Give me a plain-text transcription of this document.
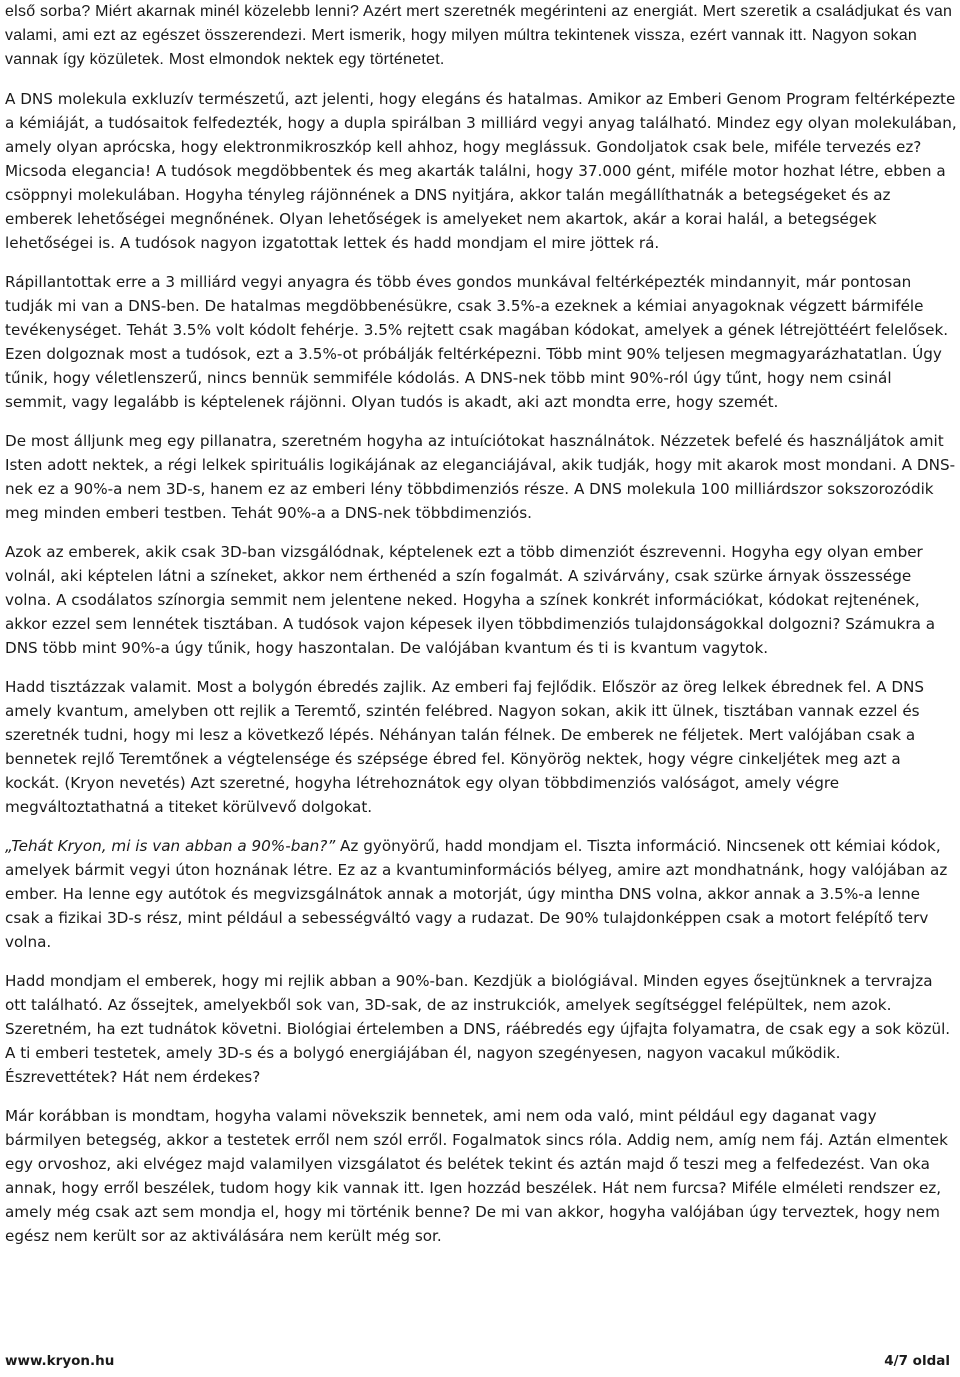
első sorba? Miért akarnak minél közelebb lenni? Azért mert szeretnék megérinteni az energiát. Mert szeretik a családjukat és van valami, ami ezt az egészet összerendezi. Mert ismerik, hogy milyen múltra tekintenek vissza, ezért vannak itt. Nagyon sokan vannak így közületek. Most elmondok nektek egy történetet.

A DNS molekula exkluzív természetű, azt jelenti, hogy elegáns és hatalmas. Amikor az Emberi Genom Program feltérképezte a kémiáját, a tudósaitok felfedezték, hogy a dupla spirálban 3 milliárd vegyi anyag található. Mindez egy olyan molekulában, amely olyan aprócska, hogy elektronmikroszkóp kell ahhoz, hogy meglássuk. Gondoljatok csak bele, miféle tervezés ez? Micsoda elegancia! A tudósok megdöbbentek és meg akarták találni, hogy 37.000 gént, miféle motor hozhat létre, ebben a csöppnyi molekulában. Hogyha tényleg rájönnének a DNS nyitjára, akkor talán megállíthatnák a betegségeket és az emberek lehetőségei megnőnének. Olyan lehetőségek is amelyeket nem akartok, akár a korai halál, a betegségek lehetőségei is. A tudósok nagyon izgatottak lettek és hadd mondjam el mire jöttek rá.

Rápillantottak erre a 3 milliárd vegyi anyagra és több éves gondos munkával feltérképezték mindannyit, már pontosan tudják mi van a DNS-ben. De hatalmas megdöbbenésükre, csak 3.5%-a ezeknek a kémiai anyagoknak végzett bármiféle tevékenységet. Tehát 3.5% volt kódolt fehérje. 3.5% rejtett csak magában kódokat, amelyek a gének létrejöttéért felelősek. Ezen dolgoznak most a tudósok, ezt a 3.5%-ot próbálják feltérképezni. Több mint 90% teljesen megmagyarázhatatlan. Úgy tűnik, hogy véletlenszerű, nincs bennük semmiféle kódolás. A DNS-nek több mint 90%-ról úgy tűnt, hogy nem csinál semmit, vagy legalább is képtelenek rájönni. Olyan tudós is akadt, aki azt mondta erre, hogy szemét.

De most álljunk meg egy pillanatra, szeretném hogyha az intuíciótokat használnátok. Nézzetek befelé és használjátok amit Isten adott nektek, a régi lelkek spirituális logikájának az eleganciájával, akik tudják, hogy mit akarok most mondani. A DNS-nek ez a 90%-a nem 3D-s, hanem ez az emberi lény többdimenziós része. A DNS molekula 100 milliárdszor sokszorozódik meg minden emberi testben. Tehát 90%-a a DNS-nek többdimenziós.

Azok az emberek, akik csak 3D-ban vizsgálódnak, képtelenek ezt a több dimenziót észrevenni. Hogyha egy olyan ember volnál, aki képtelen látni a színeket, akkor nem érthenéd a szín fogalmát. A szivárvány, csak szürke árnyak összessége volna. A csodálatos színorgia semmit nem jelentene neked. Hogyha a színek konkrét információkat, kódokat rejtenének, akkor ezzel sem lennétek tisztában. A tudósok vajon képesek ilyen többdimenziós tulajdonságokkal dolgozni? Számukra a DNS több mint 90%-a úgy tűnik, hogy haszontalan. De valójában kvantum és ti is kvantum vagytok.

Hadd tisztázzak valamit. Most a bolygón ébredés zajlik. Az emberi faj fejlődik. Először az öreg lelkek ébrednek fel. A DNS amely kvantum, amelyben ott rejlik a Teremtő, szintén felébred. Nagyon sokan, akik itt ülnek, tisztában vannak ezzel és szeretnék tudni, hogy mi lesz a következő lépés. Néhányan talán félnek. De emberek ne féljetek. Mert valójában csak a bennetek rejlő Teremtőnek a végtelensége és szépsége ébred fel. Könyörög nektek, hogy végre cinkeljétek meg azt a kockát. (Kryon nevetés) Azt szeretné, hogyha létrehoznátok egy olyan többdimenziós valóságot, amely végre megváltoztathatná a titeket körülvevő dolgokat.

„Tehát Kryon, mi is van abban a 90%-ban?” Az gyönyörű, hadd mondjam el. Tiszta információ. Nincsenek ott kémiai kódok, amelyek bármit vegyi úton hoznának létre. Ez az a kvantuminformációs bélyeg, amire azt mondhatnánk, hogy valójában az ember. Ha lenne egy autótok és megvizsgálnátok annak a motorját, úgy mintha DNS volna, akkor annak a 3.5%-a lenne csak a fizikai 3D-s rész, mint például a sebességváltó vagy a rudazat. De 90% tulajdonképpen csak a motort felépítő terv volna.

Hadd mondjam el emberek, hogy mi rejlik abban a 90%-ban. Kezdjük a biológiával. Minden egyes ősejtünknek a tervrajza ott található. Az őssejtek, amelyekből sok van, 3D-sak, de az instrukciók, amelyek segítséggel felépültek, nem azok. Szeretném, ha ezt tudnátok követni. Biológiai értelemben a DNS, ráébredés egy újfajta folyamatra, de csak egy a sok közül. A ti emberi testetek, amely 3D-s és a bolygó energiájában él, nagyon szegényesen, nagyon vacakul működik. Észrevettétek? Hát nem érdekes?

Már korábban is mondtam, hogyha valami növekszik bennetek, ami nem oda való, mint például egy daganat vagy bármilyen betegség, akkor a testetek erről nem szól erről. Fogalmatok sincs róla. Addig nem, amíg nem fáj. Aztán elmentek egy orvoshoz, aki elvégez majd valamilyen vizsgálatot és belétek tekint és aztán majd ő teszi meg a felfedezést. Van oka annak, hogy erről beszélek, tudom hogy kik vannak itt. Igen hozzád beszélek. Hát nem furcsa? Miféle elméleti rendszer ez, amely még csak azt sem mondja el, hogy mi történik benne? De mi van akkor, hogyha valójában úgy terveztek, hogy nem egész nem került sor az aktiválására nem került még sor.

www.kryon.hu	4/7 oldal
